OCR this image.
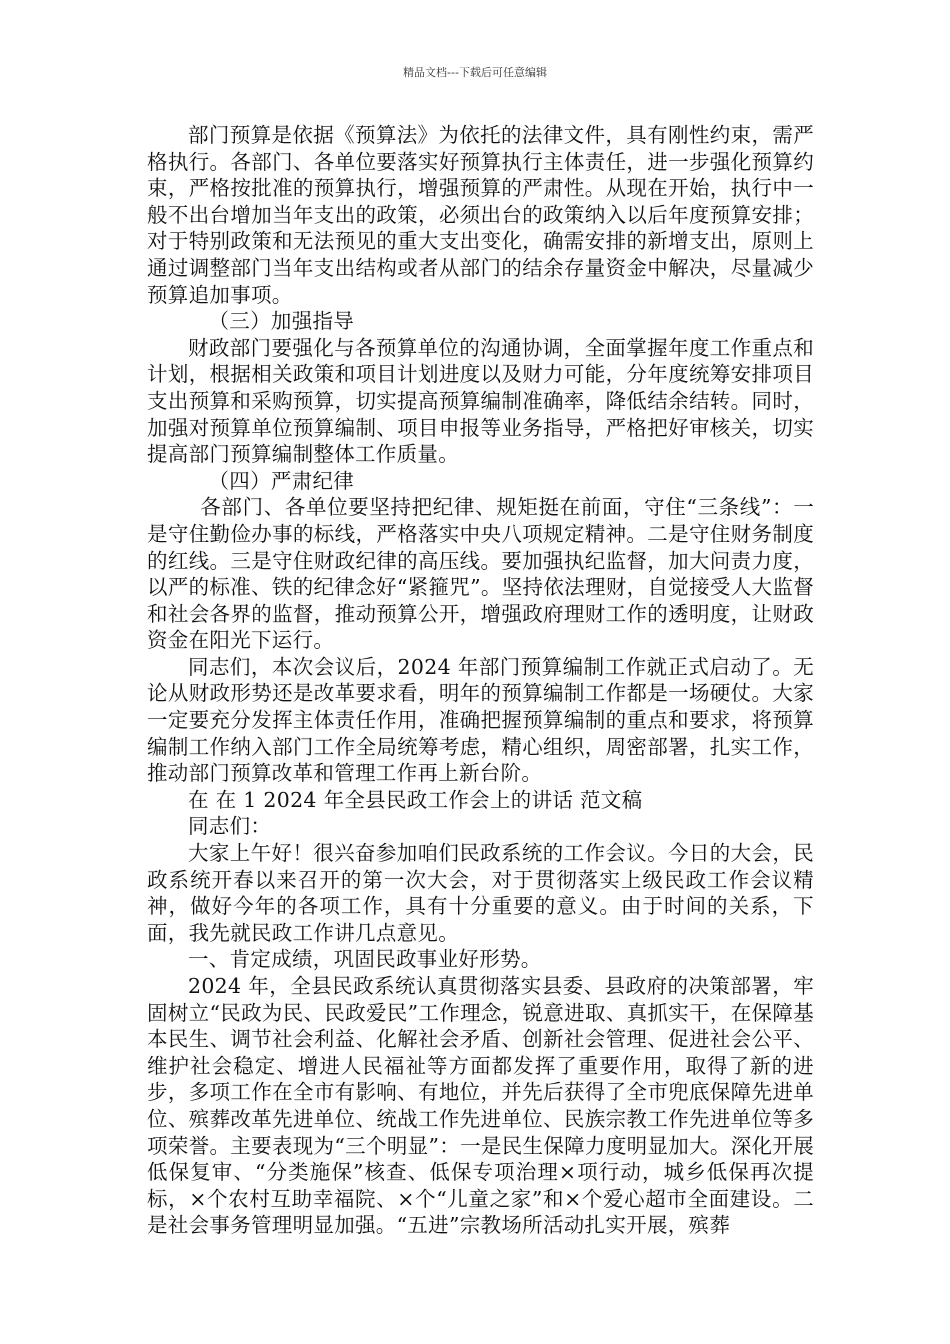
精品文档---下载后可任意编辑

部门预算是依据《预算法》为依托的法律文件，具有刚性约束，需严格执行。各部门、各单位要落实好预算执行主体责任，进一步强化预算约束，严格按批准的预算执行，增强预算的严肃性。从现在开始，执行中一般不出台增加当年支出的政策，必须出台的政策纳入以后年度预算安排；对于特别政策和无法预见的重大支出变化，确需安排的新增支出，原则上通过调整部门当年支出结构或者从部门的结余存量资金中解决，尽量减少预算追加事项。

（三）加强指导

财政部门要强化与各预算单位的沟通协调，全面掌握年度工作重点和计划，根据相关政策和项目计划进度以及财力可能，分年度统筹安排项目支出预算和采购预算，切实提高预算编制准确率，降低结余结转。同时，加强对预算单位预算编制、项目申报等业务指导，严格把好审核关，切实提高部门预算编制整体工作质量。

（四）严肃纪律

各部门、各单位要坚持把纪律、规矩挺在前面，守住“三条线”：一是守住勤俭办事的标线，严格落实中央八项规定精神。二是守住财务制度的红线。三是守住财政纪律的高压线。要加强执纪监督，加大问责力度，以严的标准、铁的纪律念好“紧箍咒”。坚持依法理财，自觉接受人大监督和社会各界的监督，推动预算公开，增强政府理财工作的透明度，让财政资金在阳光下运行。

同志们，本次会议后，2024 年部门预算编制工作就正式启动了。无论从财政形势还是改革要求看，明年的预算编制工作都是一场硬仗。大家一定要充分发挥主体责任作用，准确把握预算编制的重点和要求，将预算编制工作纳入部门工作全局统筹考虑，精心组织，周密部署，扎实工作，推动部门预算改革和管理工作再上新台阶。

在 在 1 2024 年全县民政工作会上的讲话 范文稿

同志们：

大家上午好！很兴奋参加咱们民政系统的工作会议。今日的大会，民政系统开春以来召开的第一次大会，对于贯彻落实上级民政工作会议精神，做好今年的各项工作，具有十分重要的意义。由于时间的关系，下面，我先就民政工作讲几点意见。

一、肯定成绩，巩固民政事业好形势。

2024 年，全县民政系统认真贯彻落实县委、县政府的决策部署，牢固树立“民政为民、民政爱民”工作理念，锐意进取、真抓实干，在保障基本民生、调节社会利益、化解社会矛盾、创新社会管理、促进社会公平、维护社会稳定、增进人民福祉等方面都发挥了重要作用，取得了新的进步，多项工作在全市有影响、有地位，并先后获得了全市兜底保障先进单位、殡葬改革先进单位、统战工作先进单位、民族宗教工作先进单位等多项荣誉。主要表现为“三个明显”：一是民生保障力度明显加大。深化开展低保复审、“分类施保”核查、低保专项治理×项行动，城乡低保再次提标，×个农村互助幸福院、×个“儿童之家”和×个爱心超市全面建设。二是社会事务管理明显加强。“五进”宗教场所活动扎实开展，殡葬
